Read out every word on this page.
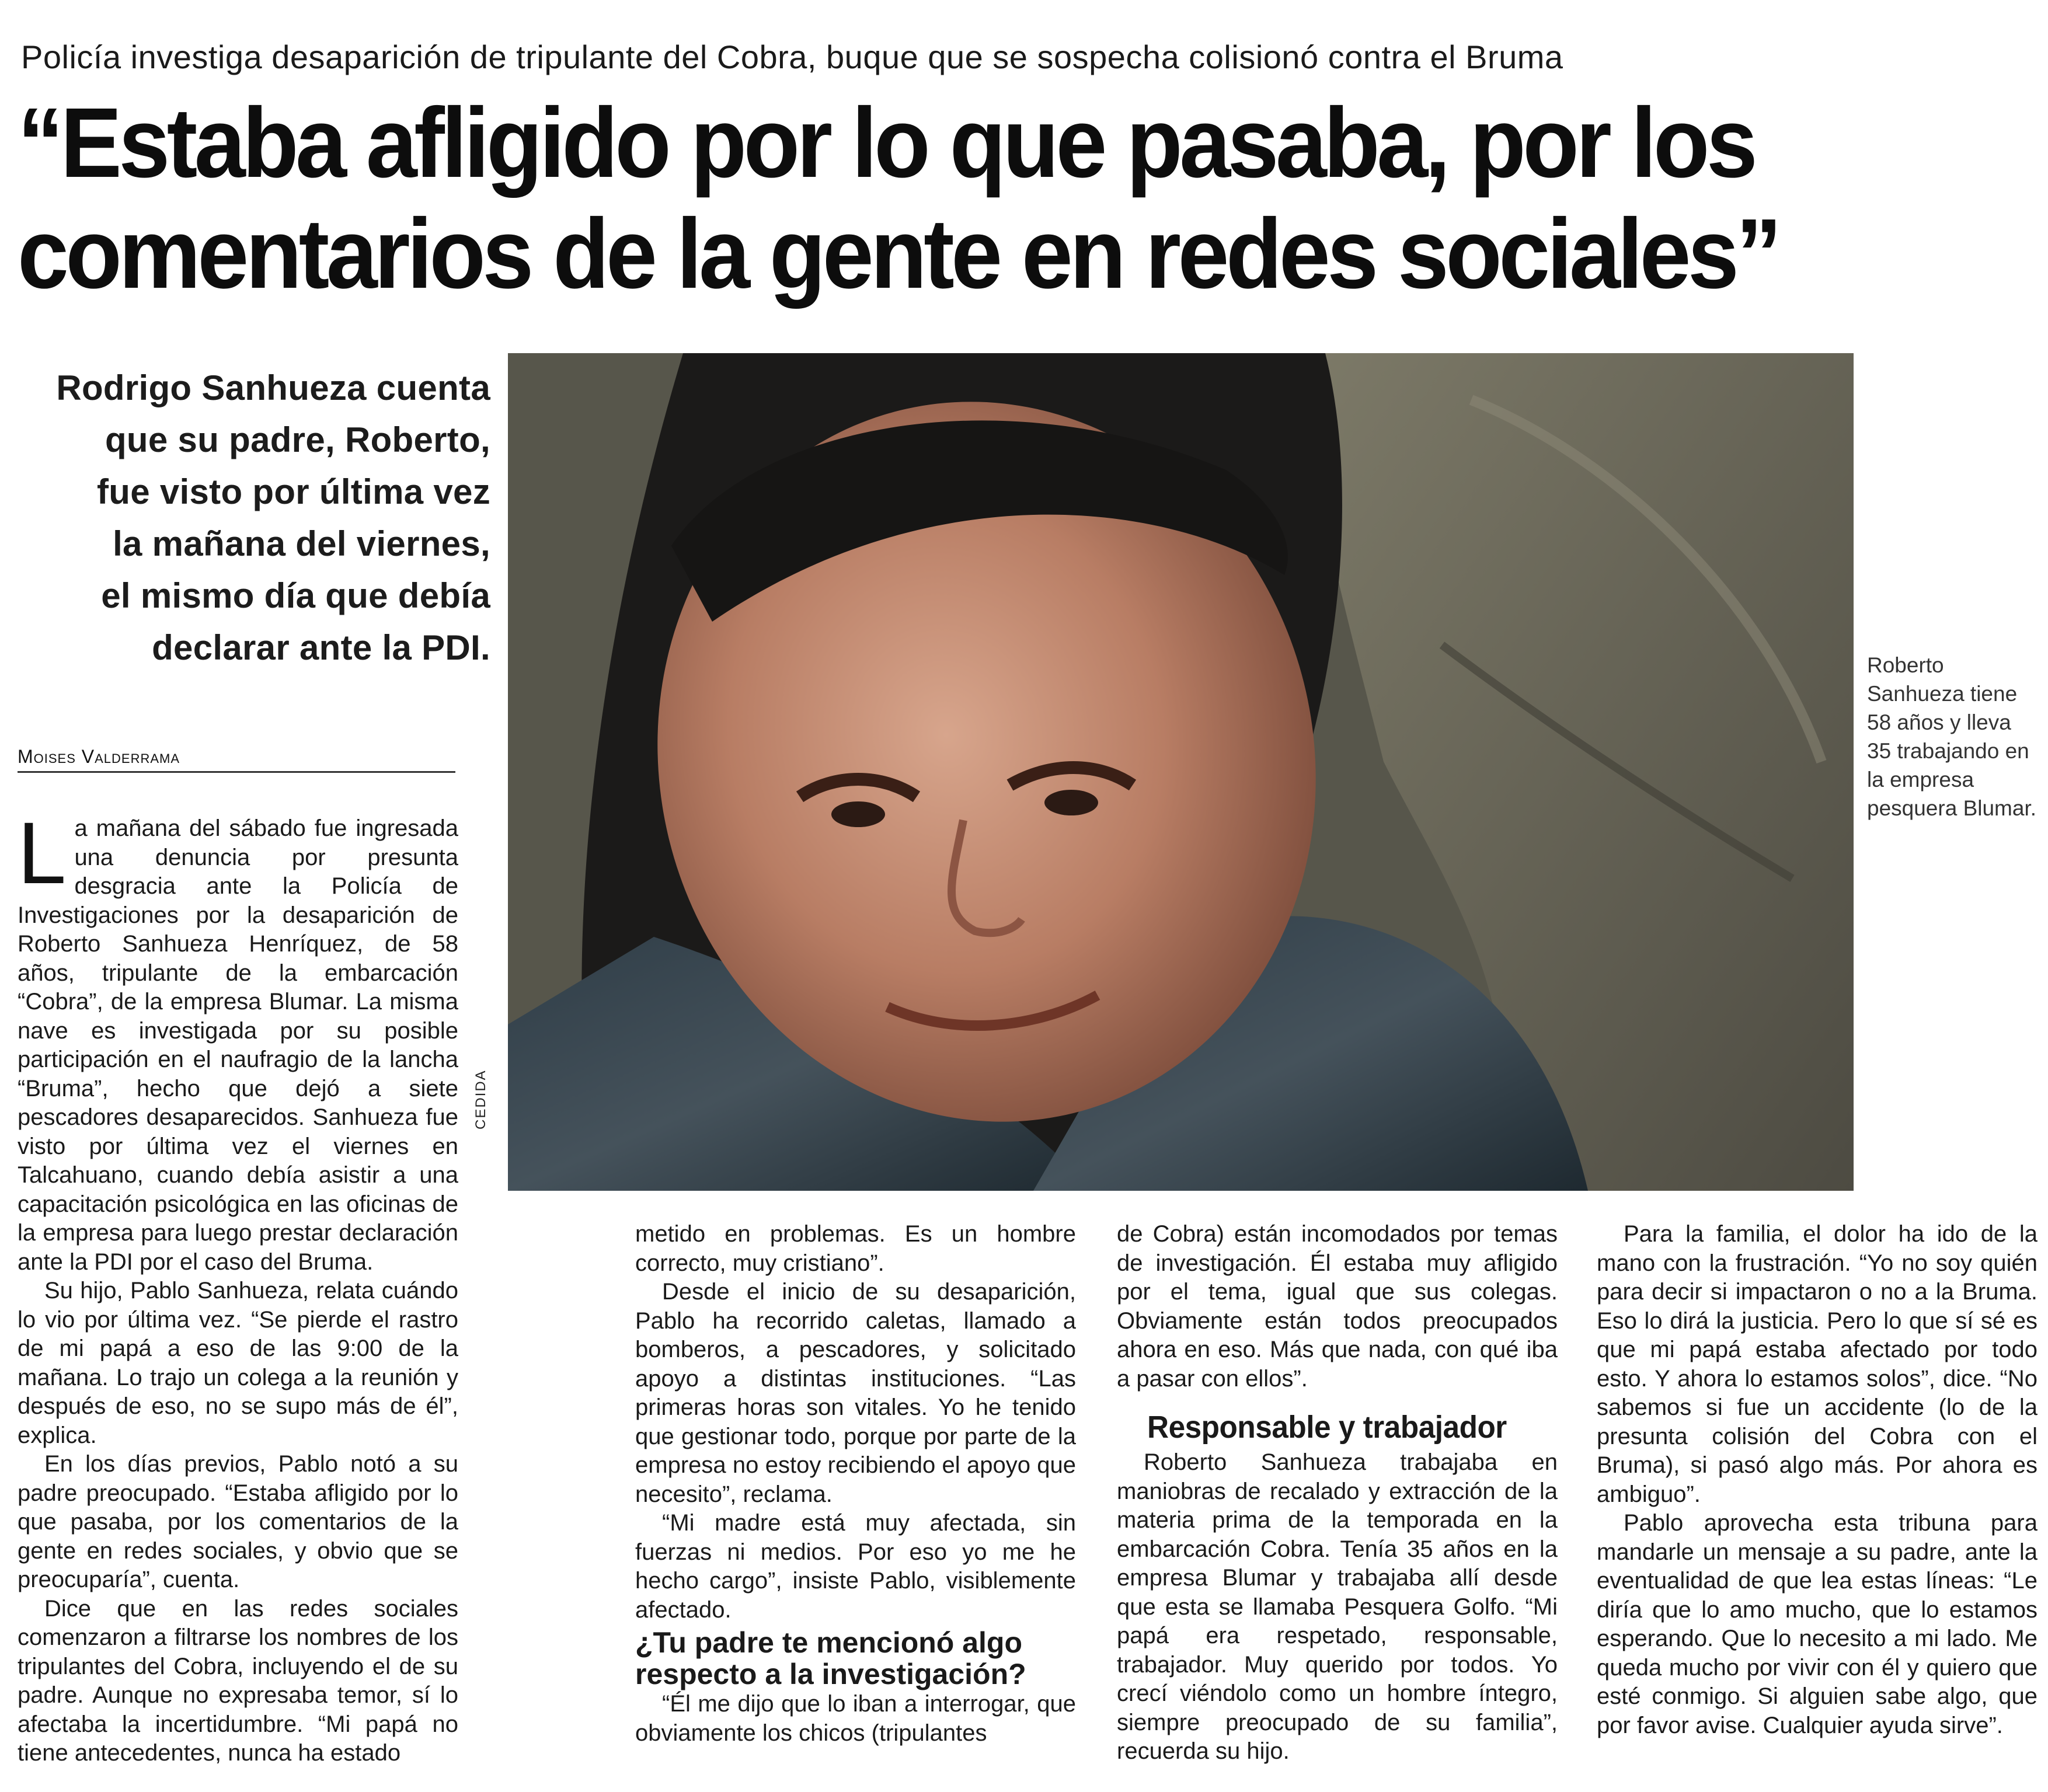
Policía investiga desaparición de tripulante del Cobra, buque que se sospecha colisionó contra el Bruma
“Estaba afligido por lo que pasaba, por los
comentarios de la gente en redes sociales”
Rodrigo Sanhueza cuenta
que su padre, Roberto,
fue visto por última vez
la mañana del viernes,
el mismo día que debía
declarar ante la PDI.
Moises Valderrama
CEDIDA
Roberto Sanhueza tiene 58 años y lleva 35 trabajando en la empresa pesquera Blumar.

La mañana del sábado fue ingresada una denuncia por presunta desgracia ante la Policía de Investigaciones por la desaparición de Roberto Sanhueza Henríquez, de 58 años, tripulante de la embarcación “Cobra”, de la empresa Blumar. La misma nave es investigada por su posible participación en el naufragio de la lancha “Bruma”, hecho que dejó a siete pescadores desaparecidos. Sanhueza fue visto por última vez el viernes en Talcahuano, cuando debía asistir a una capacitación psicológica en las oficinas de la empresa para luego prestar declaración ante la PDI por el caso del Bruma.

Su hijo, Pablo Sanhueza, relata cuándo lo vio por última vez. “Se pierde el rastro de mi papá a eso de las 9:00 de la mañana. Lo trajo un colega a la reunión y después de eso, no se supo más de él”, explica.

En los días previos, Pablo notó a su padre preocupado. “Estaba afligido por lo que pasaba, por los comentarios de la gente en redes sociales, y obvio que se preocuparía”, cuenta.

Dice que en las redes sociales comenzaron a filtrarse los nombres de los tripulantes del Cobra, incluyendo el de su padre. Aunque no expresaba temor, sí lo afectaba la incertidumbre. “Mi papá no tiene antecedentes, nunca ha estado

metido en problemas. Es un hombre correcto, muy cristiano”.

Desde el inicio de su desaparición, Pablo ha recorrido caletas, llamado a bomberos, a pescadores, y solicitado apoyo a distintas instituciones. “Las primeras horas son vitales. Yo he tenido que gestionar todo, porque por parte de la empresa no estoy recibiendo el apoyo que necesito”, reclama.

“Mi madre está muy afectada, sin fuerzas ni medios. Por eso yo me he hecho cargo”, insiste Pablo, visiblemente afectado.

¿Tu padre te mencionó algo respecto a la investigación?

“Él me dijo que lo iban a interrogar, que obviamente los chicos (tripulantes

de Cobra) están incomodados por temas de investigación. Él estaba muy afligido por el tema, igual que sus colegas. Obviamente están todos preocupados ahora en eso. Más que nada, con qué iba a pasar con ellos”.

Responsable y trabajador

Roberto Sanhueza trabajaba en maniobras de recalado y extracción de la materia prima de la temporada en la embarcación Cobra. Tenía 35 años en la empresa Blumar y trabajaba allí desde que esta se llamaba Pesquera Golfo. “Mi papá era respetado, responsable, trabajador. Muy querido por todos. Yo crecí viéndolo como un hombre íntegro, siempre preocupado de su familia”, recuerda su hijo.

Para la familia, el dolor ha ido de la mano con la frustración. “Yo no soy quién para decir si impactaron o no a la Bruma. Eso lo dirá la justicia. Pero lo que sí sé es que mi papá estaba afectado por todo esto. Y ahora lo estamos solos”, dice. “No sabemos si fue un accidente (lo de la presunta colisión del Cobra con el Bruma), si pasó algo más. Por ahora es ambiguo”.

Pablo aprovecha esta tribuna para mandarle un mensaje a su padre, ante la eventualidad de que lea estas líneas: “Le diría que lo amo mucho, que lo estamos esperando. Que lo necesito a mi lado. Me queda mucho por vivir con él y quiero que esté conmigo. Si alguien sabe algo, que por favor avise. Cualquier ayuda sirve”.
